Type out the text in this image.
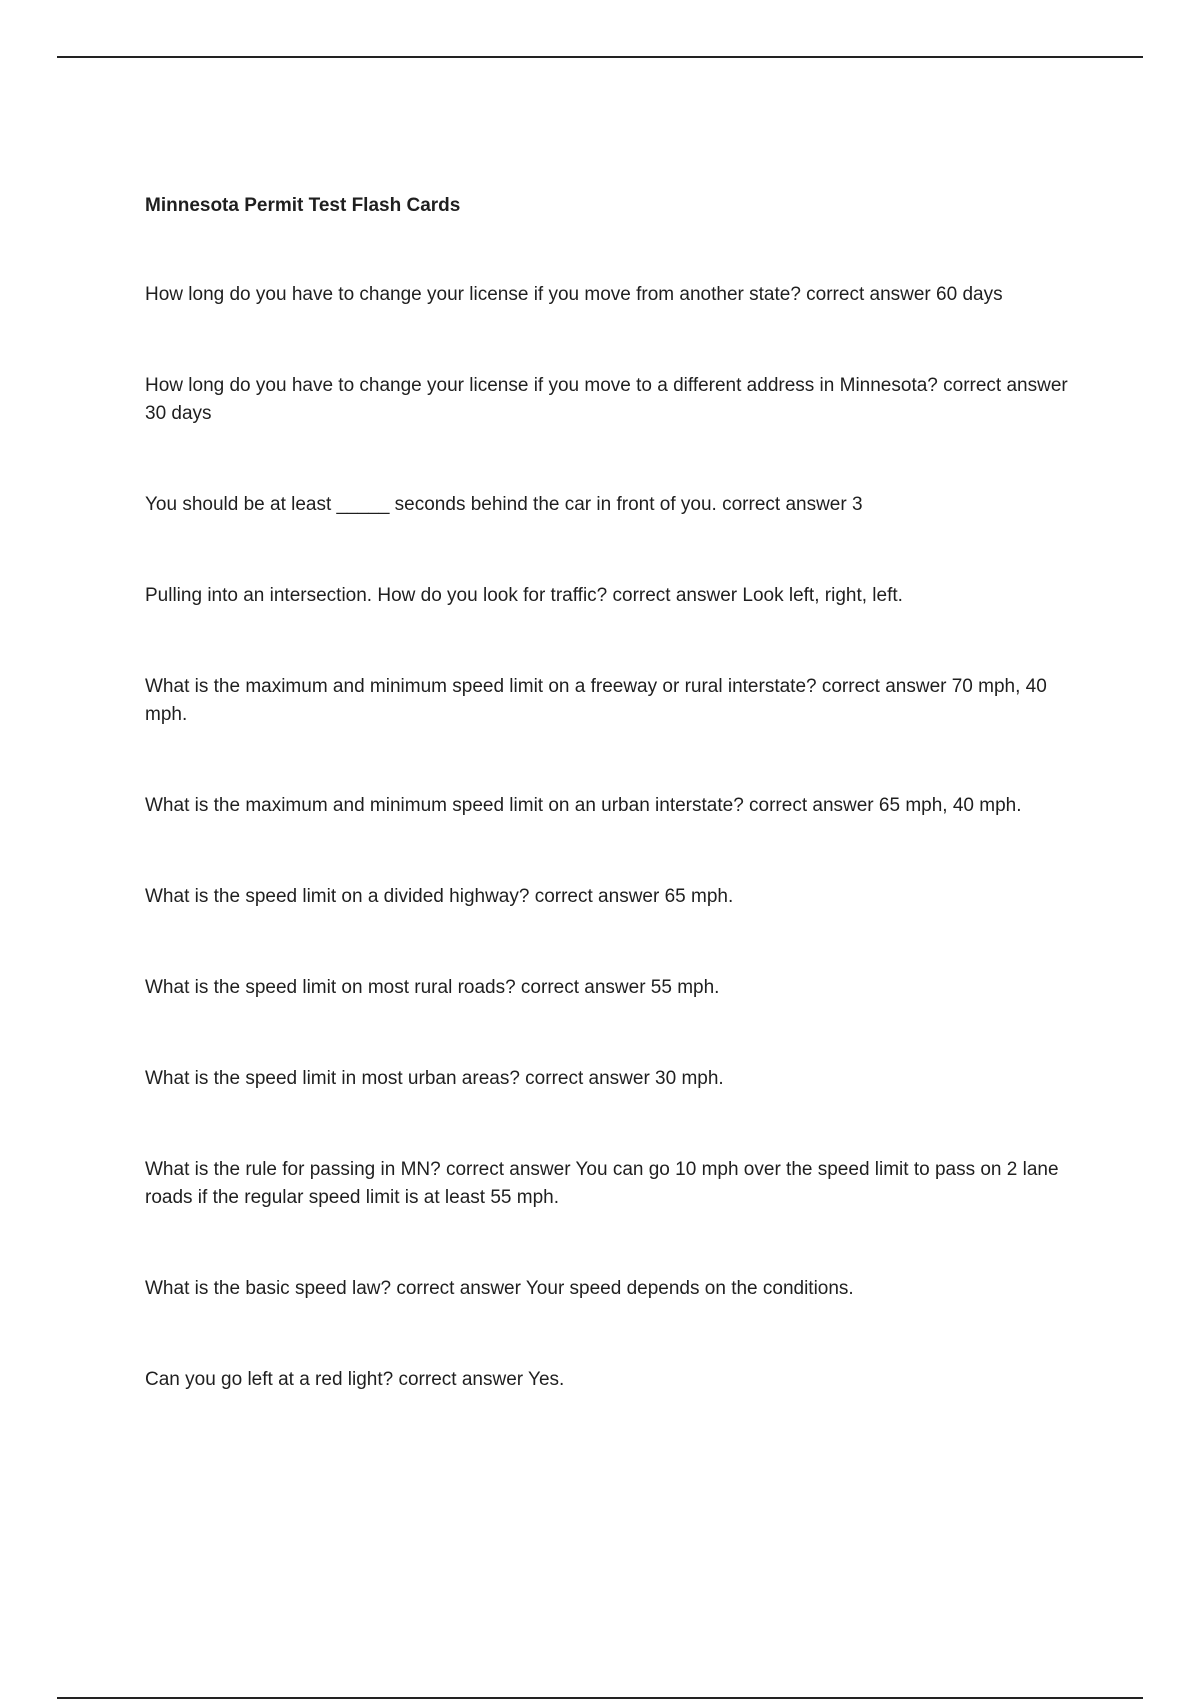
Minnesota Permit Test Flash Cards

How long do you have to change your license if you move from another state? correct answer 60 days

How long do you have to change your license if you move to a different address in Minnesota? correct answer 30 days

You should be at least _____ seconds behind the car in front of you. correct answer 3

Pulling into an intersection. How do you look for traffic? correct answer Look left, right, left.

What is the maximum and minimum speed limit on a freeway or rural interstate? correct answer 70 mph, 40 mph.

What is the maximum and minimum speed limit on an urban interstate? correct answer 65 mph, 40 mph.

What is the speed limit on a divided highway? correct answer 65 mph.

What is the speed limit on most rural roads? correct answer 55 mph.

What is the speed limit in most urban areas? correct answer 30 mph.

What is the rule for passing in MN? correct answer You can go 10 mph over the speed limit to pass on 2 lane roads if the regular speed limit is at least 55 mph.

What is the basic speed law? correct answer Your speed depends on the conditions.

Can you go left at a red light? correct answer Yes.
